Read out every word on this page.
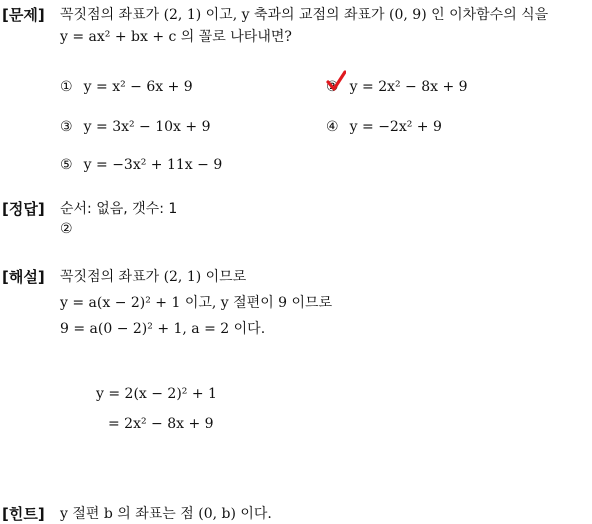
[문제] 꼭짓점의 좌표가 (2, 1) 이고, y 축과의 교점의 좌표가 (0, 9) 인 이차함수의 식을
y = ax² + bx + c 의 꼴로 나타내면?
① y = x² − 6x + 9	② y = 2x² − 8x + 9
③ y = 3x² − 10x + 9	④ y = −2x² + 9
⑤ y = −3x² + 11x − 9
[정답] 순서: 없음, 갯수: 1
②
[해설] 꼭짓점의 좌표가 (2, 1) 이므로
y = a(x − 2)² + 1 이고, y 절편이 9 이므로
9 = a(0 − 2)² + 1, a = 2 이다.
y = 2(x − 2)² + 1
= 2x² − 8x + 9
[힌트] y 절편 b 의 좌표는 점 (0, b) 이다.
